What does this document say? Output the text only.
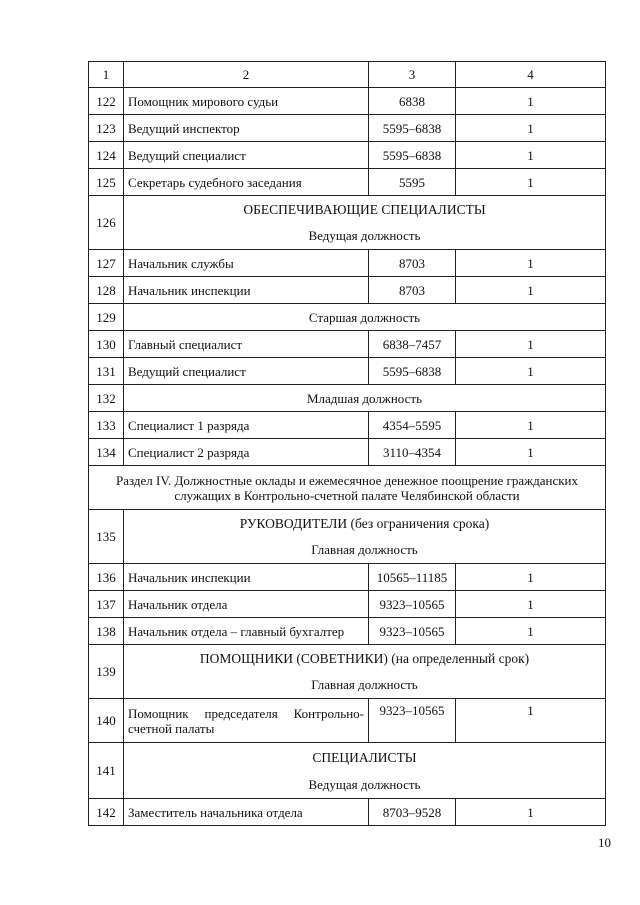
1	2	3	4
122	Помощник мирового судьи	6838	1
123	Ведущий инспектор	5595–6838	1
124	Ведущий специалист	5595–6838	1
125	Секретарь судебного заседания	5595	1
126	ОБЕСПЕЧИВАЮЩИЕ СПЕЦИАЛИСТЫ		
	Ведущая должность		
127	Начальник службы	8703	1
128	Начальник инспекции	8703	1
129	Старшая должность		
130	Главный специалист	6838–7457	1
131	Ведущий специалист	5595–6838	1
132	Младшая должность		
133	Специалист 1 разряда	4354–5595	1
134	Специалист 2 разряда	3110–4354	1
Раздел IV. Должностные оклады и ежемесячное денежное поощрение гражданских служащих в Контрольно-счетной палате Челябинской области			
135	РУКОВОДИТЕЛИ (без ограничения срока)		
	Главная должность		
136	Начальник инспекции	10565–11185	1
137	Начальник отдела	9323–10565	1
138	Начальник отдела – главный бухгалтер	9323–10565	1
139	ПОМОЩНИКИ (СОВЕТНИКИ) (на определенный срок)		
	Главная должность		
140	Помощник председателя Контрольно-счетной палаты	9323–10565	1
141	СПЕЦИАЛИСТЫ		
	Ведущая должность		
142	Заместитель начальника отдела	8703–9528	1
10
